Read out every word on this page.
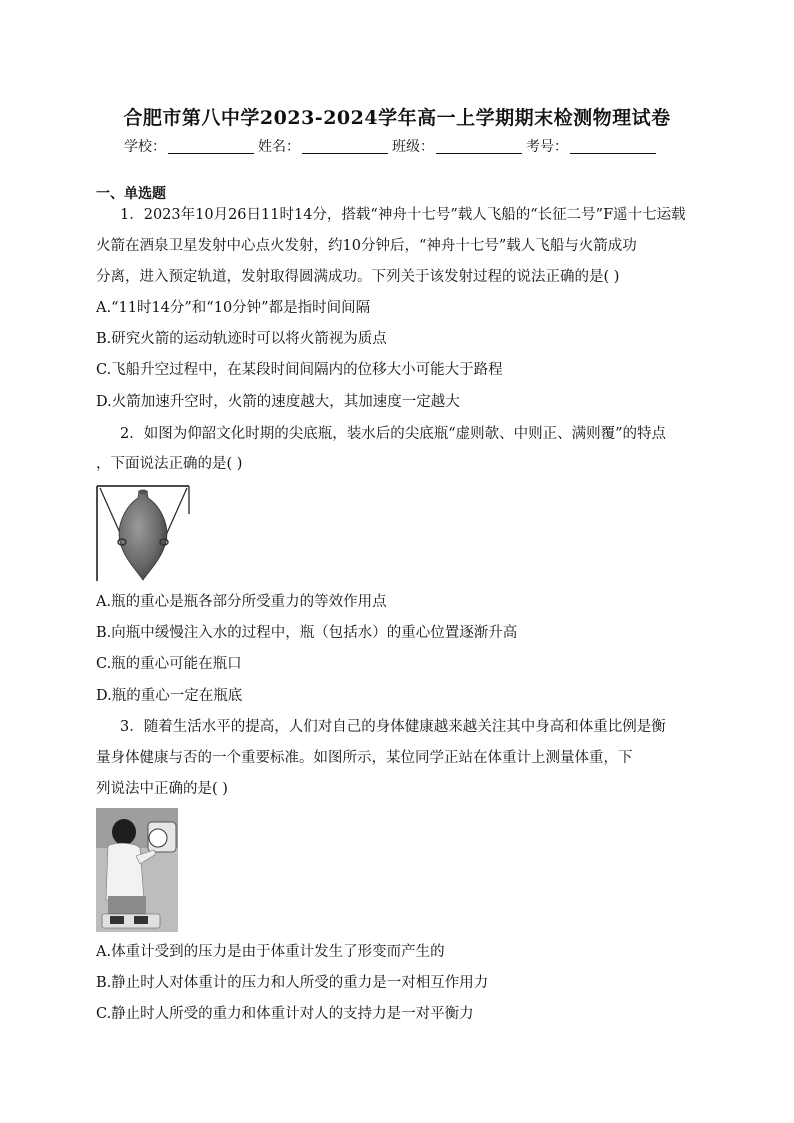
合肥市第八中学2023-2024学年高一上学期期末检测物理试卷
学校：	姓名：	班级：	考号：
一、单选题
1．2023年10月26日11时14分，搭载“神舟十七号”载人飞船的“长征二号”F遥十七运载
火箭在酒泉卫星发射中心点火发射，约10分钟后，“神舟十七号”载人飞船与火箭成功
分离，进入预定轨道，发射取得圆满成功。下列关于该发射过程的说法正确的是( )
A.“11时14分”和“10分钟”都是指时间间隔
B.研究火箭的运动轨迹时可以将火箭视为质点
C.飞船升空过程中，在某段时间间隔内的位移大小可能大于路程
D.火箭加速升空时，火箭的速度越大，其加速度一定越大
2．如图为仰韶文化时期的尖底瓶，装水后的尖底瓶“虚则欹、中则正、满则覆”的特点
，下面说法正确的是( )
A.瓶的重心是瓶各部分所受重力的等效作用点
B.向瓶中缓慢注入水的过程中，瓶（包括水）的重心位置逐渐升高
C.瓶的重心可能在瓶口
D.瓶的重心一定在瓶底
3．随着生活水平的提高，人们对自己的身体健康越来越关注其中身高和体重比例是衡
量身体健康与否的一个重要标准。如图所示，某位同学正站在体重计上测量体重，下
列说法中正确的是( )
A.体重计受到的压力是由于体重计发生了形变而产生的
B.静止时人对体重计的压力和人所受的重力是一对相互作用力
C.静止时人所受的重力和体重计对人的支持力是一对平衡力
